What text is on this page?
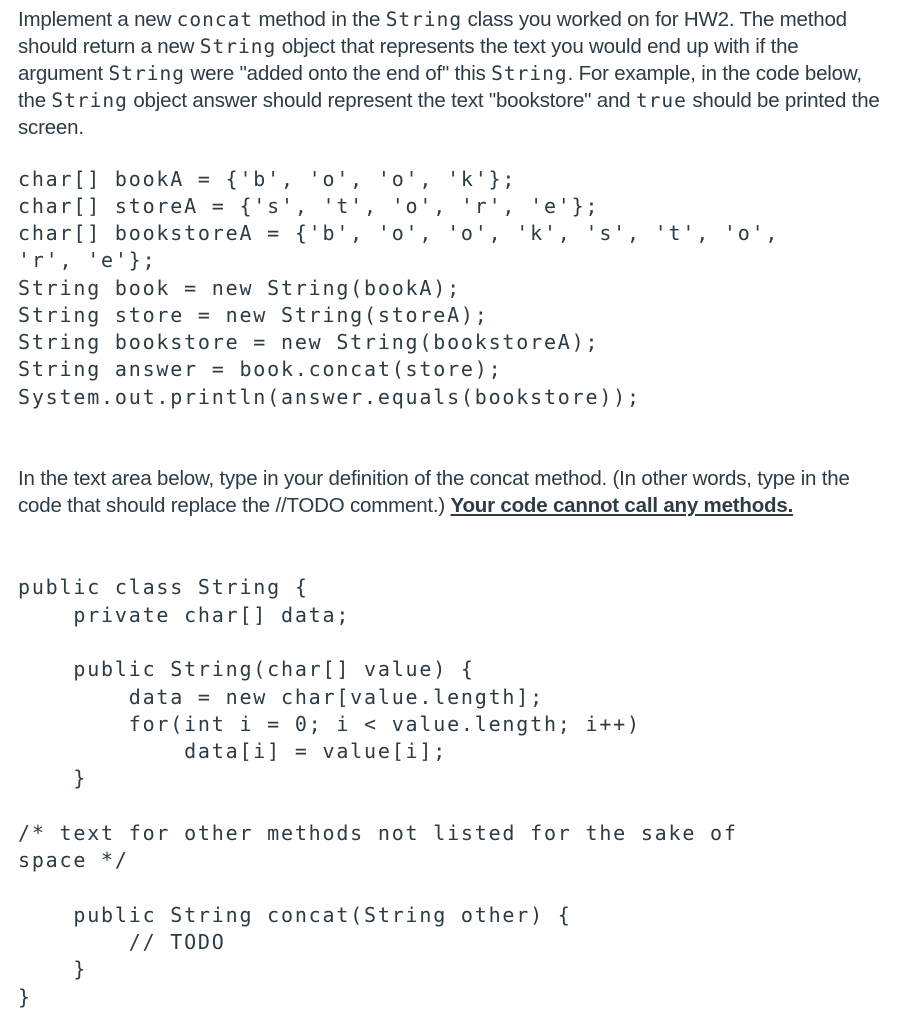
Implement a new concat method in the String class you worked on for HW2. The method should return a new String object that represents the text you would end up with if the argument String were "added onto the end of" this String. For example, in the code below, the String object answer should represent the text "bookstore" and true should be printed the screen.
char[] bookA = {'b', 'o', 'o', 'k'};
char[] storeA = {'s', 't', 'o', 'r', 'e'};
char[] bookstoreA = {'b', 'o', 'o', 'k', 's', 't', 'o',
'r', 'e'};
String book = new String(bookA);
String store = new String(storeA);
String bookstore = new String(bookstoreA);
String answer = book.concat(store);
System.out.println(answer.equals(bookstore));
In the text area below, type in your definition of the concat method. (In other words, type in the code that should replace the //TODO comment.) Your code cannot call any methods.
public class String {
private char[] data;
public String(char[] value) {
data = new char[value.length];
for(int i = 0; i < value.length; i++)
data[i] = value[i];
}
/* text for other methods not listed for the sake of
space */
public String concat(String other) {
// TODO
}
}
